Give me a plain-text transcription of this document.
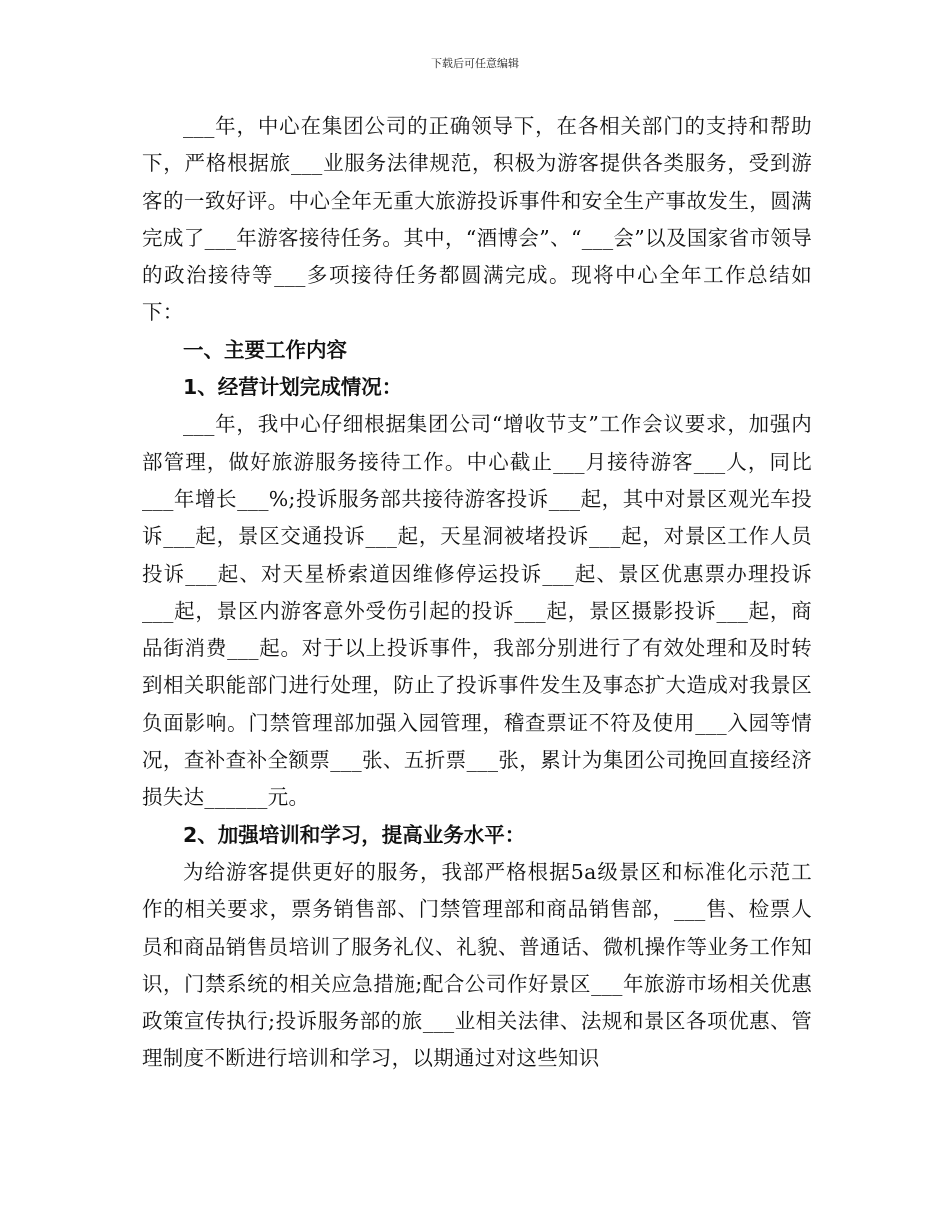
下载后可任意编辑

___年，中心在集团公司的正确领导下，在各相关部门的支持和帮助下，严格根据旅___业服务法律规范，积极为游客提供各类服务，受到游客的一致好评。中心全年无重大旅游投诉事件和安全生产事故发生，圆满完成了___年游客接待任务。其中，“酒博会”、“___会”以及国家省市领导的政治接待等___多项接待任务都圆满完成。现将中心全年工作总结如下：

一、主要工作内容

1、经营计划完成情况：

___年，我中心仔细根据集团公司“增收节支”工作会议要求，加强内部管理，做好旅游服务接待工作。中心截止___月接待游客___人，同比___年增长___%;投诉服务部共接待游客投诉___起，其中对景区观光车投诉___起，景区交通投诉___起，天星洞被堵投诉___起，对景区工作人员投诉___起、对天星桥索道因维修停运投诉___起、景区优惠票办理投诉___起，景区内游客意外受伤引起的投诉___起，景区摄影投诉___起，商品街消费___起。对于以上投诉事件，我部分别进行了有效处理和及时转到相关职能部门进行处理，防止了投诉事件发生及事态扩大造成对我景区负面影响。门禁管理部加强入园管理，稽查票证不符及使用___入园等情况，查补查补全额票___张、五折票___张，累计为集团公司挽回直接经济损失达______元。

2、加强培训和学习，提高业务水平：

为给游客提供更好的服务，我部严格根据5a级景区和标准化示范工作的相关要求，票务销售部、门禁管理部和商品销售部，___售、检票人员和商品销售员培训了服务礼仪、礼貌、普通话、微机操作等业务工作知识，门禁系统的相关应急措施;配合公司作好景区___年旅游市场相关优惠政策宣传执行;投诉服务部的旅___业相关法律、法规和景区各项优惠、管理制度不断进行培训和学习，以期通过对这些知识
